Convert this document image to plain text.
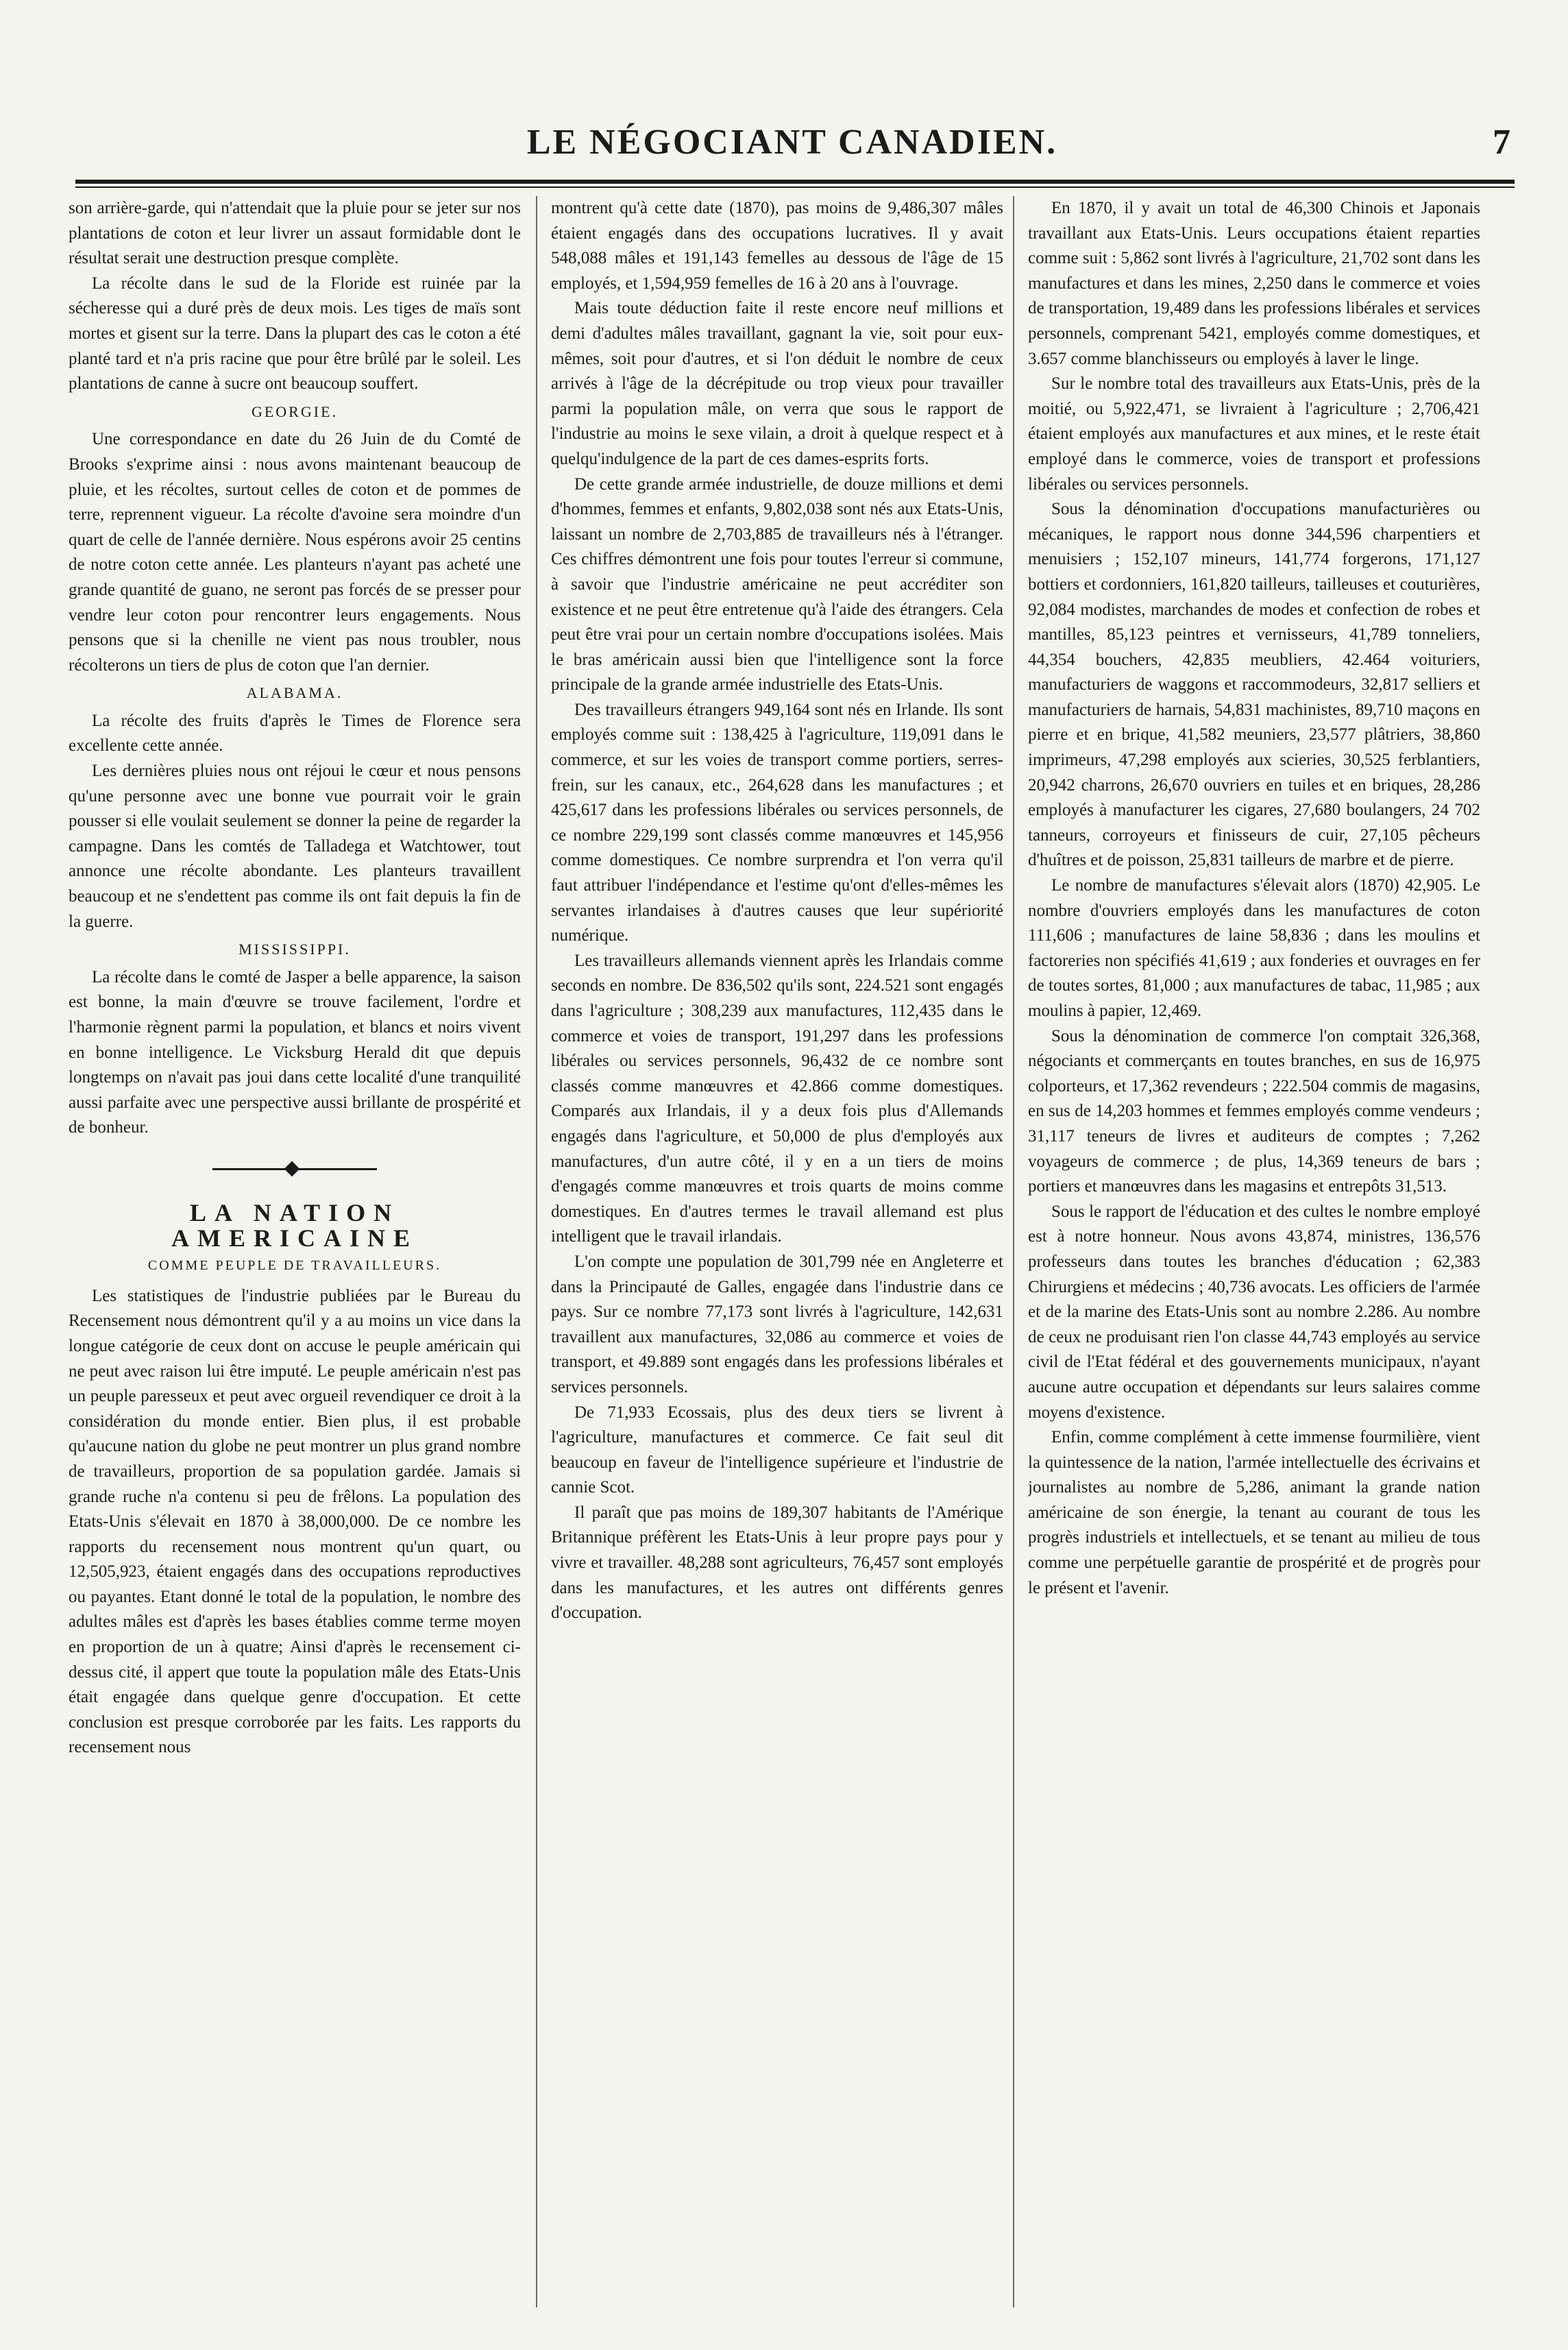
LE NÉGOCIANT CANADIEN.	7

son arrière-garde, qui n'attendait que la pluie pour se jeter sur nos plantations de coton et leur livrer un assaut formidable dont le résultat serait une destruction presque complète.

La récolte dans le sud de la Floride est ruinée par la sécheresse qui a duré près de deux mois. Les tiges de maïs sont mortes et gisent sur la terre. Dans la plupart des cas le coton a été planté tard et n'a pris racine que pour être brûlé par le soleil. Les plantations de canne à sucre ont beaucoup souffert.

GEORGIE.

Une correspondance en date du 26 Juin de du Comté de Brooks s'exprime ainsi : nous avons maintenant beaucoup de pluie, et les récoltes, surtout celles de coton et de pommes de terre, reprennent vigueur. La récolte d'avoine sera moindre d'un quart de celle de l'année dernière. Nous espérons avoir 25 centins de notre coton cette année. Les planteurs n'ayant pas acheté une grande quantité de guano, ne seront pas forcés de se presser pour vendre leur coton pour rencontrer leurs engagements. Nous pensons que si la chenille ne vient pas nous troubler, nous récolterons un tiers de plus de coton que l'an dernier.

ALABAMA.

La récolte des fruits d'après le Times de Florence sera excellente cette année.

Les dernières pluies nous ont réjoui le cœur et nous pensons qu'une personne avec une bonne vue pourrait voir le grain pousser si elle voulait seulement se donner la peine de regarder la campagne. Dans les comtés de Talladega et Watchtower, tout annonce une récolte abondante. Les planteurs travaillent beaucoup et ne s'endettent pas comme ils ont fait depuis la fin de la guerre.

MISSISSIPPI.

La récolte dans le comté de Jasper a belle apparence, la saison est bonne, la main d'œuvre se trouve facilement, l'ordre et l'harmonie règnent parmi la population, et blancs et noirs vivent en bonne intelligence. Le Vicksburg Herald dit que depuis longtemps on n'avait pas joui dans cette localité d'une tranquilité aussi parfaite avec une perspective aussi brillante de prospérité et de bonheur.

LA NATION AMERICAINE

COMME PEUPLE DE TRAVAILLEURS.

Les statistiques de l'industrie publiées par le Bureau du Recensement nous démontrent qu'il y a au moins un vice dans la longue catégorie de ceux dont on accuse le peuple américain qui ne peut avec raison lui être imputé. Le peuple américain n'est pas un peuple paresseux et peut avec orgueil revendiquer ce droit à la considération du monde entier. Bien plus, il est probable qu'aucune nation du globe ne peut montrer un plus grand nombre de travailleurs, proportion de sa population gardée. Jamais si grande ruche n'a contenu si peu de frêlons. La population des Etats-Unis s'élevait en 1870 à 38,000,000. De ce nombre les rapports du recensement nous montrent qu'un quart, ou 12,505,923, étaient engagés dans des occupations reproductives ou payantes. Etant donné le total de la population, le nombre des adultes mâles est d'après les bases établies comme terme moyen en proportion de un à quatre; Ainsi d'après le recensement ci-dessus cité, il appert que toute la population mâle des Etats-Unis était engagée dans quelque genre d'occupation. Et cette conclusion est presque corroborée par les faits. Les rapports du recensement nous

montrent qu'à cette date (1870), pas moins de 9,486,307 mâles étaient engagés dans des occupations lucratives. Il y avait 548,088 mâles et 191,143 femelles au dessous de l'âge de 15 employés, et 1,594,959 femelles de 16 à 20 ans à l'ouvrage.

Mais toute déduction faite il reste encore neuf millions et demi d'adultes mâles travaillant, gagnant la vie, soit pour eux-mêmes, soit pour d'autres, et si l'on déduit le nombre de ceux arrivés à l'âge de la décrépitude ou trop vieux pour travailler parmi la population mâle, on verra que sous le rapport de l'industrie au moins le sexe vilain, a droit à quelque respect et à quelqu'indulgence de la part de ces dames-esprits forts.

De cette grande armée industrielle, de douze millions et demi d'hommes, femmes et enfants, 9,802,038 sont nés aux Etats-Unis, laissant un nombre de 2,703,885 de travailleurs nés à l'étranger. Ces chiffres démontrent une fois pour toutes l'erreur si commune, à savoir que l'industrie américaine ne peut accréditer son existence et ne peut être entretenue qu'à l'aide des étrangers. Cela peut être vrai pour un certain nombre d'occupations isolées. Mais le bras américain aussi bien que l'intelligence sont la force principale de la grande armée industrielle des Etats-Unis.

Des travailleurs étrangers 949,164 sont nés en Irlande. Ils sont employés comme suit : 138,425 à l'agriculture, 119,091 dans le commerce, et sur les voies de transport comme portiers, serres-frein, sur les canaux, etc., 264,628 dans les manufactures ; et 425,617 dans les professions libérales ou services personnels, de ce nombre 229,199 sont classés comme manœuvres et 145,956 comme domestiques. Ce nombre surprendra et l'on verra qu'il faut attribuer l'indépendance et l'estime qu'ont d'elles-mêmes les servantes irlandaises à d'autres causes que leur supériorité numérique.

Les travailleurs allemands viennent après les Irlandais comme seconds en nombre. De 836,502 qu'ils sont, 224.521 sont engagés dans l'agriculture ; 308,239 aux manufactures, 112,435 dans le commerce et voies de transport, 191,297 dans les professions libérales ou services personnels, 96,432 de ce nombre sont classés comme manœuvres et 42.866 comme domestiques. Comparés aux Irlandais, il y a deux fois plus d'Allemands engagés dans l'agriculture, et 50,000 de plus d'employés aux manufactures, d'un autre côté, il y en a un tiers de moins d'engagés comme manœuvres et trois quarts de moins comme domestiques. En d'autres termes le travail allemand est plus intelligent que le travail irlandais.

L'on compte une population de 301,799 née en Angleterre et dans la Principauté de Galles, engagée dans l'industrie dans ce pays. Sur ce nombre 77,173 sont livrés à l'agriculture, 142,631 travaillent aux manufactures, 32,086 au commerce et voies de transport, et 49.889 sont engagés dans les professions libérales et services personnels.

De 71,933 Ecossais, plus des deux tiers se livrent à l'agriculture, manufactures et commerce. Ce fait seul dit beaucoup en faveur de l'intelligence supérieure et l'industrie de cannie Scot.

Il paraît que pas moins de 189,307 habitants de l'Amérique Britannique préfèrent les Etats-Unis à leur propre pays pour y vivre et travailler. 48,288 sont agriculteurs, 76,457 sont employés dans les manufactures, et les autres ont différents genres d'occupation.

En 1870, il y avait un total de 46,300 Chinois et Japonais travaillant aux Etats-Unis. Leurs occupations étaient reparties comme suit : 5,862 sont livrés à l'agriculture, 21,702 sont dans les manufactures et dans les mines, 2,250 dans le commerce et voies de transportation, 19,489 dans les professions libérales et services personnels, comprenant 5421, employés comme domestiques, et 3.657 comme blanchisseurs ou employés à laver le linge.

Sur le nombre total des travailleurs aux Etats-Unis, près de la moitié, ou 5,922,471, se livraient à l'agriculture ; 2,706,421 étaient employés aux manufactures et aux mines, et le reste était employé dans le commerce, voies de transport et professions libérales ou services personnels.

Sous la dénomination d'occupations manufacturières ou mécaniques, le rapport nous donne 344,596 charpentiers et menuisiers ; 152,107 mineurs, 141,774 forgerons, 171,127 bottiers et cordonniers, 161,820 tailleurs, tailleuses et couturières, 92,084 modistes, marchandes de modes et confection de robes et mantilles, 85,123 peintres et vernisseurs, 41,789 tonneliers, 44,354 bouchers, 42,835 meubliers, 42.464 voituriers, manufacturiers de waggons et raccommodeurs, 32,817 selliers et manufacturiers de harnais, 54,831 machinistes, 89,710 maçons en pierre et en brique, 41,582 meuniers, 23,577 plâtriers, 38,860 imprimeurs, 47,298 employés aux scieries, 30,525 ferblantiers, 20,942 charrons, 26,670 ouvriers en tuiles et en briques, 28,286 employés à manufacturer les cigares, 27,680 boulangers, 24 702 tanneurs, corroyeurs et finisseurs de cuir, 27,105 pêcheurs d'huîtres et de poisson, 25,831 tailleurs de marbre et de pierre.

Le nombre de manufactures s'élevait alors (1870) 42,905. Le nombre d'ouvriers employés dans les manufactures de coton 111,606 ; manufactures de laine 58,836 ; dans les moulins et factoreries non spécifiés 41,619 ; aux fonderies et ouvrages en fer de toutes sortes, 81,000 ; aux manufactures de tabac, 11,985 ; aux moulins à papier, 12,469.

Sous la dénomination de commerce l'on comptait 326,368, négociants et commerçants en toutes branches, en sus de 16,975 colporteurs, et 17,362 revendeurs ; 222.504 commis de magasins, en sus de 14,203 hommes et femmes employés comme vendeurs ; 31,117 teneurs de livres et auditeurs de comptes ; 7,262 voyageurs de commerce ; de plus, 14,369 teneurs de bars ; portiers et manœuvres dans les magasins et entrepôts 31,513.

Sous le rapport de l'éducation et des cultes le nombre employé est à notre honneur. Nous avons 43,874, ministres, 136,576 professeurs dans toutes les branches d'éducation ; 62,383 Chirurgiens et médecins ; 40,736 avocats. Les officiers de l'armée et de la marine des Etats-Unis sont au nombre 2.286. Au nombre de ceux ne produisant rien l'on classe 44,743 employés au service civil de l'Etat fédéral et des gouvernements municipaux, n'ayant aucune autre occupation et dépendants sur leurs salaires comme moyens d'existence.

Enfin, comme complément à cette immense fourmilière, vient la quintessence de la nation, l'armée intellectuelle des écrivains et journalistes au nombre de 5,286, animant la grande nation américaine de son énergie, la tenant au courant de tous les progrès industriels et intellectuels, et se tenant au milieu de tous comme une perpétuelle garantie de prospérité et de progrès pour le présent et l'avenir.
